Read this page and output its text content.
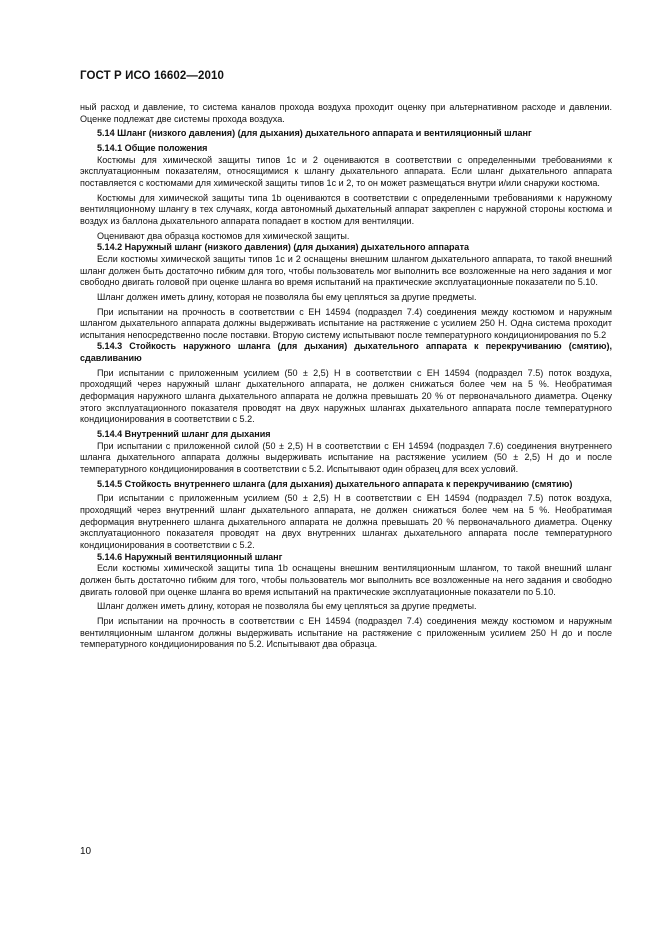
ГОСТ Р ИСО 16602—2010

ный расход и давление, то система каналов прохода воздуха проходит оценку при альтернативном расходе и давлении. Оценке подлежат две системы прохода воздуха.

5.14 Шланг (низкого давления) (для дыхания) дыхательного аппарата и вентиляционный шланг

5.14.1 Общие положения

Костюмы для химической защиты типов 1с и 2 оцениваются в соответствии с определенными требованиями к эксплуатационным показателям, относящимися к шлангу дыхательного аппарата. Если шланг дыхательного аппарата поставляется с костюмами для химической защиты типов 1с и 2, то он может размещаться внутри и/или снаружи костюма.

Костюмы для химической защиты типа 1b оцениваются в соответствии с определенными требованиями к наружному вентиляционному шлангу в тех случаях, когда автономный дыхательный аппарат закреплен с наружной стороны костюма и воздух из баллона дыхательного аппарата попадает в костюм для вентиляции.

Оценивают два образца костюмов для химической защиты.

5.14.2 Наружный шланг (низкого давления) (для дыхания) дыхательного аппарата

Если костюмы химической защиты типов 1с и 2 оснащены внешним шлангом дыхательного аппарата, то такой внешний шланг должен быть достаточно гибким для того, чтобы пользователь мог выполнить все возложенные на него задания и мог свободно двигать головой при оценке шланга во время испытаний на практические эксплуатационные показатели по 5.10.

Шланг должен иметь длину, которая не позволяла бы ему цепляться за другие предметы.

При испытании на прочность в соответствии с ЕН 14594 (подраздел 7.4) соединения между костюмом и наружным шлангом дыхательного аппарата должны выдерживать испытание на растяжение с усилием 250 Н. Одна система проходит испытания непосредственно после поставки. Вторую систему испытывают после температурного кондиционирования по 5.2

5.14.3 Стойкость наружного шланга (для дыхания) дыхательного аппарата к перекручиванию (смятию), сдавливанию

При испытании с приложенным усилием (50 ± 2,5) Н в соответствии с ЕН 14594 (подраздел 7.5) поток воздуха, проходящий через наружный шланг дыхательного аппарата, не должен снижаться более чем на 5 %. Необратимая деформация наружного шланга дыхательного аппарата не должна превышать 20 % от первоначального диаметра. Оценку этого эксплуатационного показателя проводят на двух наружных шлангах дыхательного аппарата после температурного кондиционирования в соответствии с 5.2.

5.14.4 Внутренний шланг для дыхания

При испытании с приложенной силой (50 ± 2,5) Н в соответствии с ЕН 14594 (подраздел 7.6) соединения внутреннего шланга дыхательного аппарата должны выдерживать испытание на растяжение усилием (50 ± 2,5) Н до и после температурного кондиционирования в соответствии с 5.2. Испытывают один образец для всех условий.

5.14.5 Стойкость внутреннего шланга (для дыхания) дыхательного аппарата к перекручиванию (смятию)

При испытании с приложенным усилием (50 ± 2,5) Н в соответствии с ЕН 14594 (подраздел 7.5) поток воздуха, проходящий через внутренний шланг дыхательного аппарата, не должен снижаться более чем на 5 %. Необратимая деформация внутреннего шланга дыхательного аппарата не должна превышать 20 % первоначального диаметра. Оценку эксплуатационного показателя проводят на двух внутренних шлангах дыхательного аппарата после температурного кондиционирования в соответствии с 5.2.

5.14.6 Наружный вентиляционный шланг

Если костюмы химической защиты типа 1b оснащены внешним вентиляционным шлангом, то такой внешний шланг должен быть достаточно гибким для того, чтобы пользователь мог выполнить все возложенные на него задания и свободно двигать головой при оценке шланга во время испытаний на практические эксплуатационные показатели по 5.10.

Шланг должен иметь длину, которая не позволяла бы ему цепляться за другие предметы.

При испытании на прочность в соответствии с ЕН 14594 (подраздел 7.4) соединения между костюмом и наружным вентиляционным шлангом должны выдерживать испытание на растяжение с приложенным усилием 250 Н до и после температурного кондиционирования по 5.2. Испытывают два образца.

10
